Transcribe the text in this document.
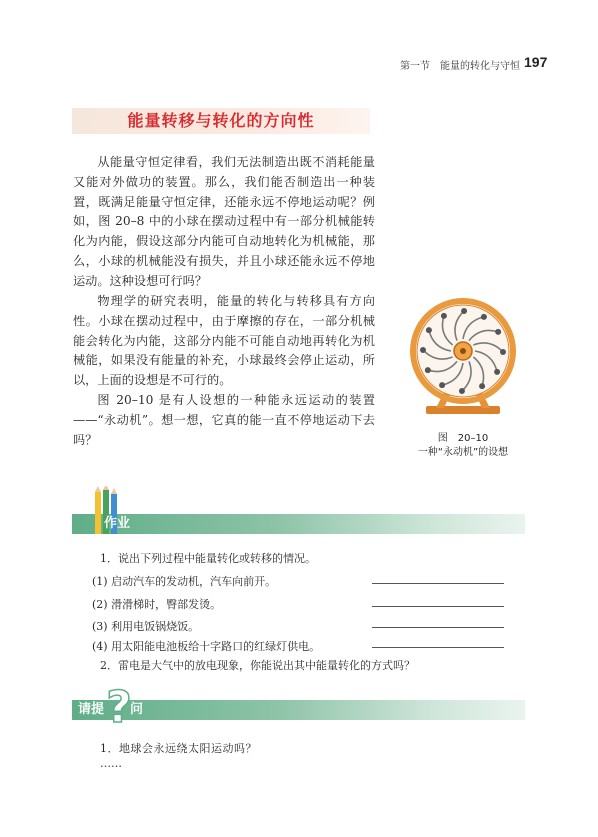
第一节　能量的转化与守恒 197
能量转移与转化的方向性

从能量守恒定律看，我们无法制造出既不消耗能量又能对外做功的装置。那么，我们能否制造出一种装置，既满足能量守恒定律，还能永远不停地运动呢？例如，图 20–8 中的小球在摆动过程中有一部分机械能转化为内能，假设这部分内能可自动地转化为机械能，那么，小球的机械能没有损失，并且小球还能永远不停地运动。这种设想可行吗？

物理学的研究表明，能量的转化与转移具有方向性。小球在摆动过程中，由于摩擦的存在，一部分机械能会转化为内能，这部分内能不可能自动地再转化为机械能，如果没有能量的补充，小球最终会停止运动，所以，上面的设想是不可行的。

图 20–10 是有人设想的一种能永远运动的装置——“永动机”。想一想，它真的能一直不停地运动下去吗？	图　20–10
一种“永动机”的设想
作业
1．说出下列过程中能量转化或转移的情况。
(1) 启动汽车的发动机，汽车向前开。
(2) 滑滑梯时，臀部发烫。
(3) 利用电饭锅烧饭。
(4) 用太阳能电池板给十字路口的红绿灯供电。
2．雷电是大气中的放电现象，你能说出其中能量转化的方式吗？
?
请提 问
1．地球会永远绕太阳运动吗？
……
